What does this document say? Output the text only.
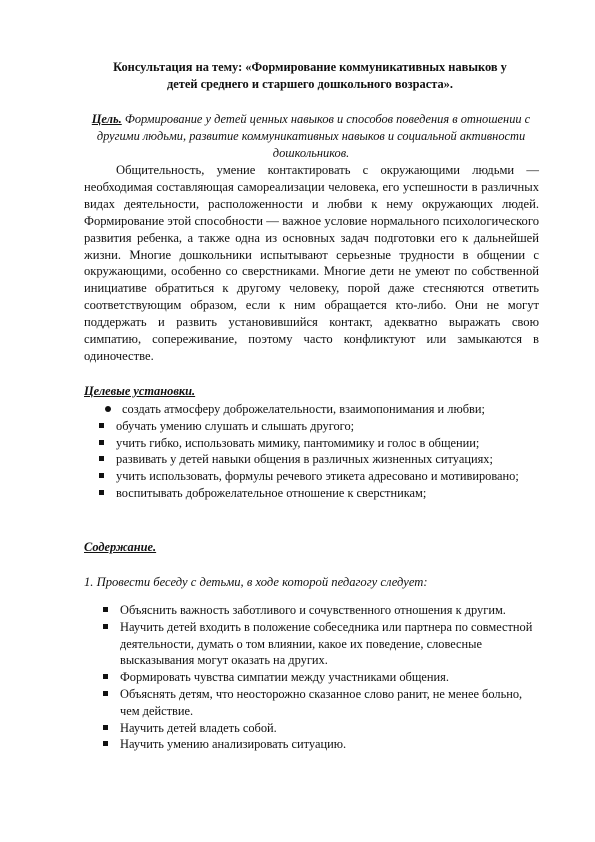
Консультация на тему: «Формирование коммуникативных навыков у
детей среднего и старшего дошкольного возраста».
Цель. Формирование у детей ценных навыков и способов поведения в отношении с другими людьми, развитие коммуникативных навыков и социальной активности дошкольников.

Общительность, умение контактировать с окружающими людьми — необходимая составляющая самореализации человека, его успешности в различных видах деятельности, расположенности и любви к нему окружающих людей. Формирование этой способности — важное условие нормального психологического развития ребенка, а также одна из основных задач подготовки его к дальнейшей жизни. Многие дошкольники испытывают серьезные трудности в общении с окружающими, особенно со сверстниками. Многие дети не умеют по собственной инициативе обратиться к другому человеку, порой даже стесняются ответить соответствующим образом, если к ним обращается кто-либо. Они не могут поддержать и развить установившийся контакт, адекватно выражать свою симпатию, сопереживание, поэтому часто конфликтуют или замыкаются в одиночестве.

Целевые установки.
создать атмосферу доброжелательности, взаимопонимания и любви;
обучать умению слушать и слышать другого;
учить гибко, использовать мимику, пантомимику и голос в общении;
развивать у детей навыки общения в различных жизненных ситуациях;
учить использовать, формулы речевого этикета адресовано и мотивировано;
воспитывать доброжелательное отношение к сверстникам;
Содержание.
1. Провести беседу с детьми, в ходе которой педагогу следует:
Объяснить важность заботливого и сочувственного отношения к другим.
Научить детей входить в положение собеседника или партнера по совместной деятельности, думать о том влиянии, какое их поведение, словесные высказывания могут оказать на других.
Формировать чувства симпатии между участниками общения.
Объяснять детям, что неосторожно сказанное слово ранит, не менее больно, чем действие.
Научить детей владеть собой.
Научить умению анализировать ситуацию.
